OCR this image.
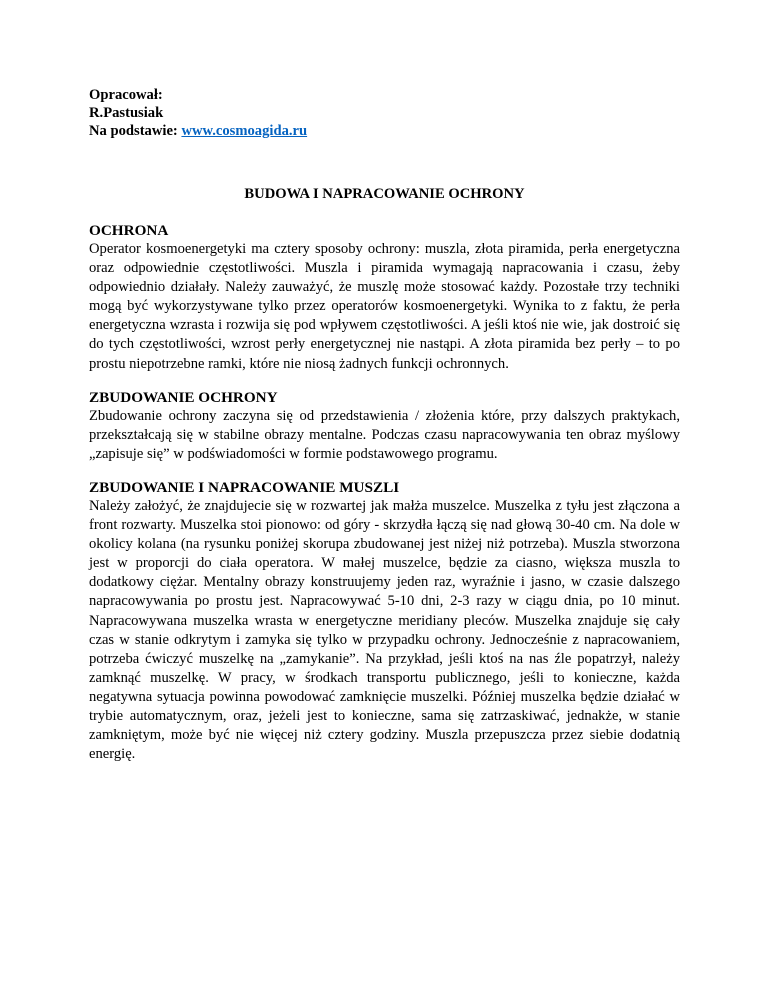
Opracował:

R.Pastusiak

Na podstawie: www.cosmoagida.ru

BUDOWA I NAPRACOWANIE OCHRONY

OCHRONA

Operator kosmoenergetyki ma cztery sposoby ochrony: muszla, złota piramida, perła energetyczna oraz odpowiednie częstotliwości. Muszla i piramida wymagają napracowania i czasu, żeby odpowiednio działały. Należy zauważyć, że muszlę może stosować każdy. Pozostałe trzy techniki mogą być wykorzystywane tylko przez operatorów kosmoenergetyki. Wynika to z faktu, że perła energetyczna wzrasta i rozwija się pod wpływem częstotliwości. A jeśli ktoś nie wie, jak dostroić się do tych częstotliwości, wzrost perły energetycznej nie nastąpi. A złota piramida bez perły – to po prostu niepotrzebne ramki, które nie niosą żadnych funkcji ochronnych.

ZBUDOWANIE OCHRONY

Zbudowanie ochrony zaczyna się od przedstawienia / złożenia które, przy dalszych praktykach, przekształcają się w stabilne obrazy mentalne. Podczas czasu napracowywania ten obraz myślowy „zapisuje się” w podświadomości w formie podstawowego programu.

ZBUDOWANIE I NAPRACOWANIE MUSZLI

Należy założyć, że znajdujecie się w rozwartej jak małża muszelce. Muszelka z tyłu jest złączona a front rozwarty. Muszelka stoi pionowo: od góry - skrzydła łączą się nad głową 30-40 cm. Na dole w okolicy kolana (na rysunku poniżej skorupa zbudowanej jest niżej niż potrzeba). Muszla stworzona jest w proporcji do ciała operatora. W małej muszelce, będzie za ciasno, większa muszla to dodatkowy ciężar. Mentalny obrazy konstruujemy jeden raz, wyraźnie i jasno, w czasie dalszego napracowywania po prostu jest. Napracowywać 5-10 dni, 2-3 razy w ciągu dnia, po 10 minut. Napracowywana muszelka wrasta w energetyczne meridiany pleców. Muszelka znajduje się cały czas w stanie odkrytym i zamyka się tylko w przypadku ochrony. Jednocześnie z napracowaniem, potrzeba ćwiczyć muszelkę na „zamykanie”. Na przykład, jeśli ktoś na nas źle popatrzył, należy zamknąć muszelkę. W pracy, w środkach transportu publicznego, jeśli to konieczne, każda negatywna sytuacja powinna powodować zamknięcie muszelki. Później muszelka będzie działać w trybie automatycznym, oraz, jeżeli jest to konieczne, sama się zatrzaskiwać, jednakże, w stanie zamkniętym, może być nie więcej niż cztery godziny. Muszla przepuszcza przez siebie dodatnią energię.
